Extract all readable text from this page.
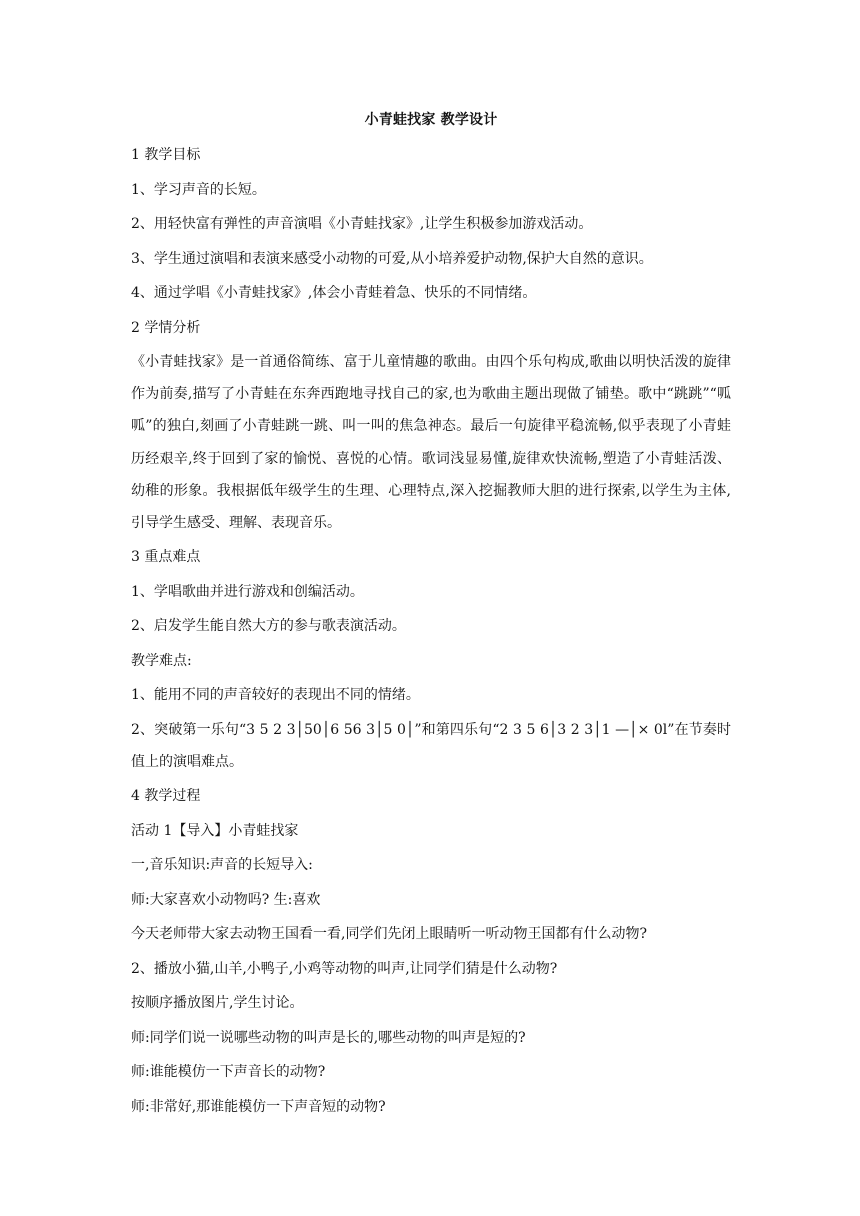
小青蛙找家 教学设计
1 教学目标
1、学习声音的长短。
2、用轻快富有弹性的声音演唱《小青蛙找家》,让学生积极参加游戏活动。
3、学生通过演唱和表演来感受小动物的可爱,从小培养爱护动物,保护大自然的意识。
4、通过学唱《小青蛙找家》,体会小青蛙着急、快乐的不同情绪。
2 学情分析
《小青蛙找家》是一首通俗简练、富于儿童情趣的歌曲。由四个乐句构成,歌曲以明快活泼的旋律作为前奏,描写了小青蛙在东奔西跑地寻找自己的家,也为歌曲主题出现做了铺垫。歌中“跳跳”“呱呱”的独白,刻画了小青蛙跳一跳、叫一叫的焦急神态。最后一句旋律平稳流畅,似乎表现了小青蛙历经艰辛,终于回到了家的愉悦、喜悦的心情。歌词浅显易懂,旋律欢快流畅,塑造了小青蛙活泼、幼稚的形象。我根据低年级学生的生理、心理特点,深入挖掘教师大胆的进行探索,以学生为主体,引导学生感受、理解、表现音乐。
3 重点难点
1、学唱歌曲并进行游戏和创编活动。
2、启发学生能自然大方的参与歌表演活动。
教学难点:
1、能用不同的声音较好的表现出不同的情绪。
2、突破第一乐句“3 5 2 3│50│6 56 3│5 0│”和第四乐句“2 3 5 6│3 2 3│1 —│× 0l”在节奏时值上的演唱难点。
4 教学过程
活动 1【导入】小青蛙找家
一,音乐知识:声音的长短导入:
师:大家喜欢小动物吗? 生:喜欢
今天老师带大家去动物王国看一看,同学们先闭上眼睛听一听动物王国都有什么动物?
2、播放小猫,山羊,小鸭子,小鸡等动物的叫声,让同学们猜是什么动物?
按顺序播放图片,学生讨论。
师:同学们说一说哪些动物的叫声是长的,哪些动物的叫声是短的?
师:谁能模仿一下声音长的动物?
师:非常好,那谁能模仿一下声音短的动物?
